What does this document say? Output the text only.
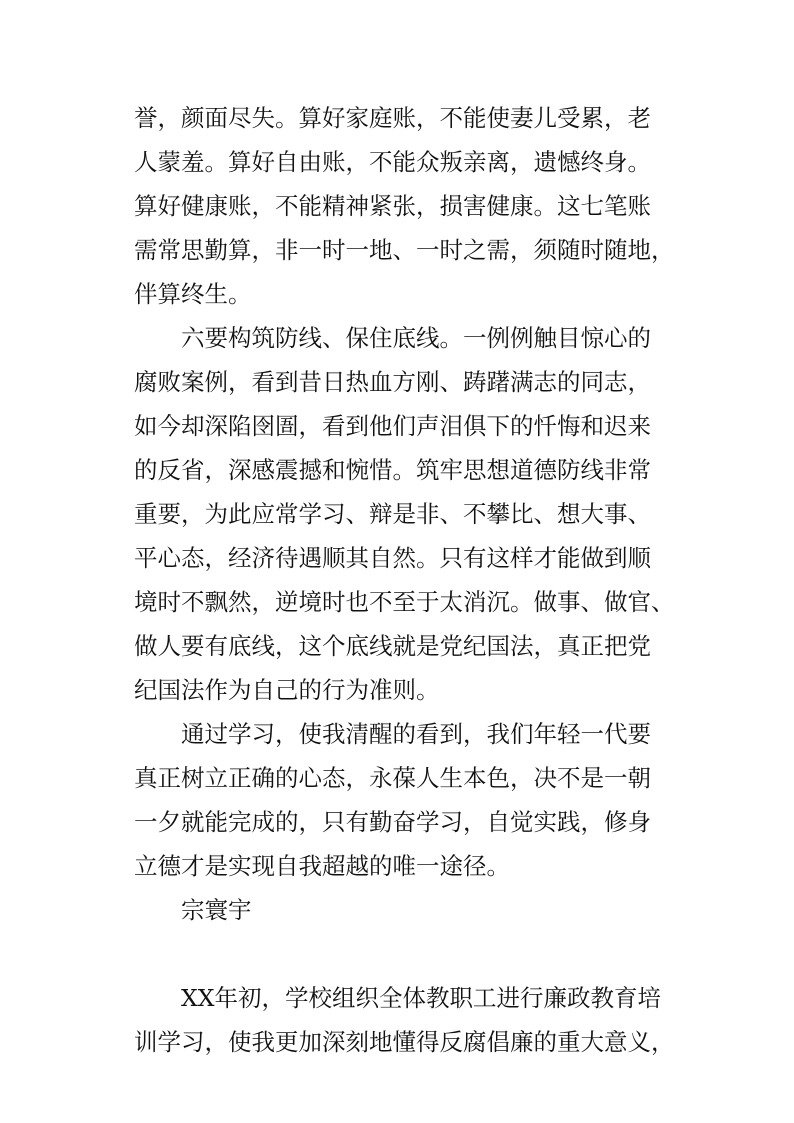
誉，颜面尽失。算好家庭账，不能使妻儿受累，老
人蒙羞。算好自由账，不能众叛亲离，遗憾终身。
算好健康账，不能精神紧张，损害健康。这七笔账
需常思勤算，非一时一地、一时之需，须随时随地，
伴算终生。
六要构筑防线、保住底线。一例例触目惊心的
腐败案例，看到昔日热血方刚、踌躇满志的同志，
如今却深陷囹圄，看到他们声泪俱下的忏悔和迟来
的反省，深感震撼和惋惜。筑牢思想道德防线非常
重要，为此应常学习、辩是非、不攀比、想大事、
平心态，经济待遇顺其自然。只有这样才能做到顺
境时不飘然，逆境时也不至于太消沉。做事、做官、
做人要有底线，这个底线就是党纪国法，真正把党
纪国法作为自己的行为准则。
通过学习，使我清醒的看到，我们年轻一代要
真正树立正确的心态，永葆人生本色，决不是一朝
一夕就能完成的，只有勤奋学习，自觉实践，修身
立德才是实现自我超越的唯一途径。
宗寰宇
XX年初，学校组织全体教职工进行廉政教育培
训学习，使我更加深刻地懂得反腐倡廉的重大意义，
